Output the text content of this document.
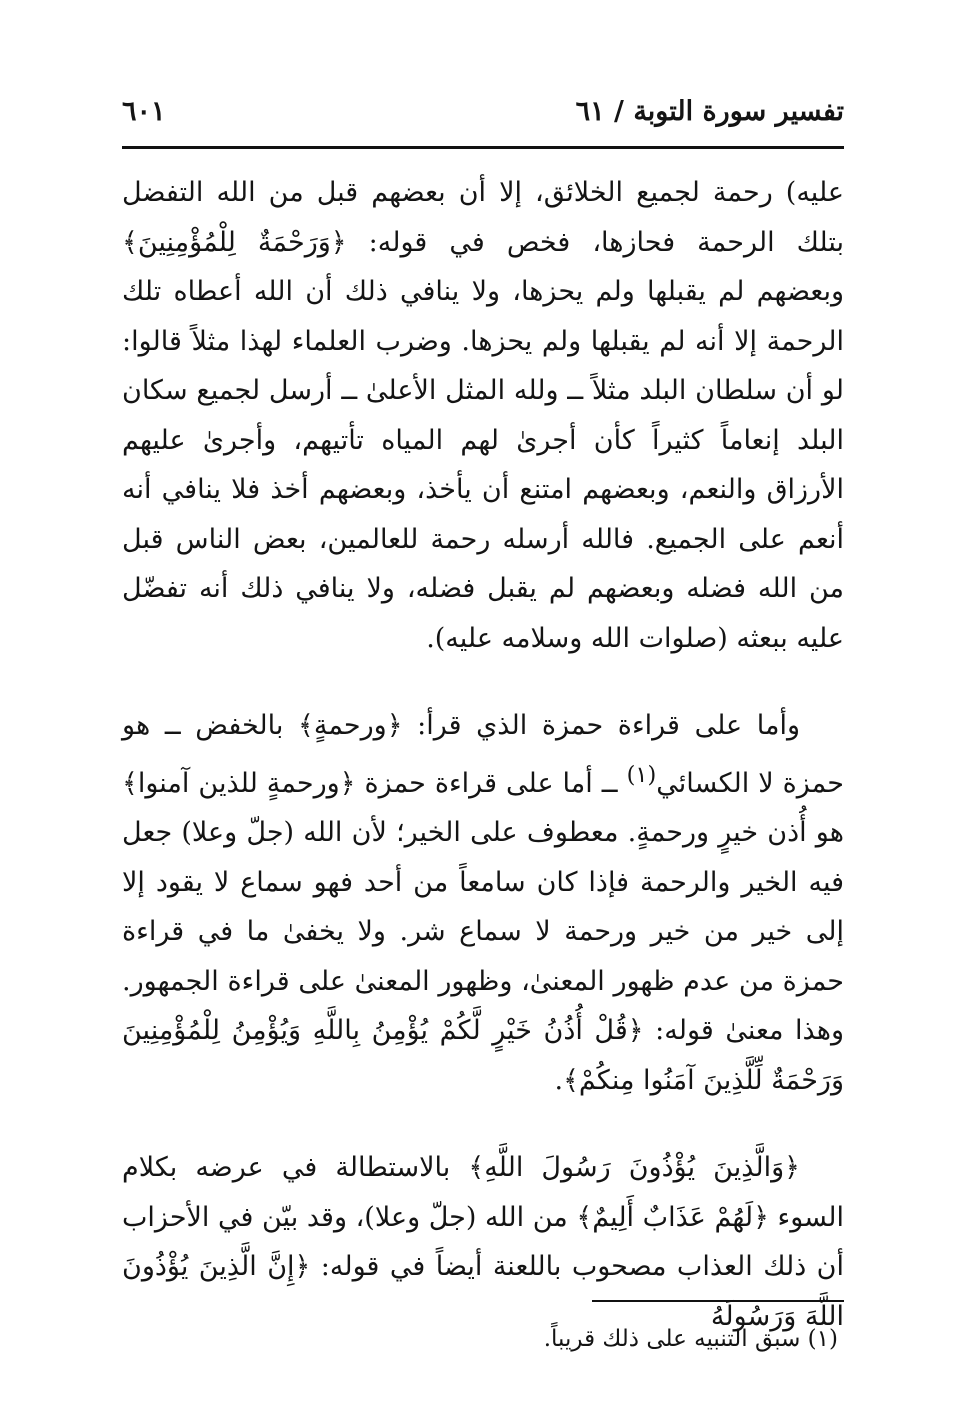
تفسير سورة التوبة / ٦١
٦٠١

عليه) رحمة لجميع الخلائق، إلا أن بعضهم قبل من الله التفضل بتلك الرحمة فحازها، فخص في قوله: ﴿وَرَحْمَةٌ لِلْمُؤْمِنِينَ﴾ وبعضهم لم يقبلها ولم يحزها، ولا ينافي ذلك أن الله أعطاه تلك الرحمة إلا أنه لم يقبلها ولم يحزها. وضرب العلماء لهذا مثلاً قالوا: لو أن سلطان البلد مثلاً ــ ولله المثل الأعلىٰ ــ أرسل لجميع سكان البلد إنعاماً كثيراً كأن أجرىٰ لهم المياه تأتيهم، وأجرىٰ عليهم الأرزاق والنعم، وبعضهم امتنع أن يأخذ، وبعضهم أخذ فلا ينافي أنه أنعم على الجميع. فالله أرسله رحمة للعالمين، بعض الناس قبل من الله فضله وبعضهم لم يقبل فضله، ولا ينافي ذلك أنه تفضّل عليه ببعثه (صلوات الله وسلامه عليه).

وأما على قراءة حمزة الذي قرأ: ﴿ورحمةٍ﴾ بالخفض ــ هو حمزة لا الكسائي$^{(١)}$ ــ أما على قراءة حمزة ﴿ورحمةٍ للذين آمنوا﴾ هو أُذن خيرٍ ورحمةٍ. معطوف على الخير؛ لأن الله (جلّ وعلا) جعل فيه الخير والرحمة فإذا كان سامعاً من أحد فهو سماع لا يقود إلا إلى خير من خير ورحمة لا سماع شر. ولا يخفىٰ ما في قراءة حمزة من عدم ظهور المعنىٰ، وظهور المعنىٰ على قراءة الجمهور. وهذا معنىٰ قوله: ﴿قُلْ أُذُنُ خَيْرٍ لَّكُمْ يُؤْمِنُ بِاللَّهِ وَيُؤْمِنُ لِلْمُؤْمِنِينَ وَرَحْمَةٌ لِّلَّذِينَ آمَنُوا مِنكُمْ﴾.

﴿وَالَّذِينَ يُؤْذُونَ رَسُولَ اللَّهِ﴾ بالاستطالة في عرضه بكلام السوء ﴿لَهُمْ عَذَابٌ أَلِيمٌ﴾ من الله (جلّ وعلا)، وقد بيّن في الأحزاب أن ذلك العذاب مصحوب باللعنة أيضاً في قوله: ﴿إِنَّ الَّذِينَ يُؤْذُونَ اللَّهَ وَرَسُولَهُ

(١) سبق التنبيه على ذلك قريباً.
